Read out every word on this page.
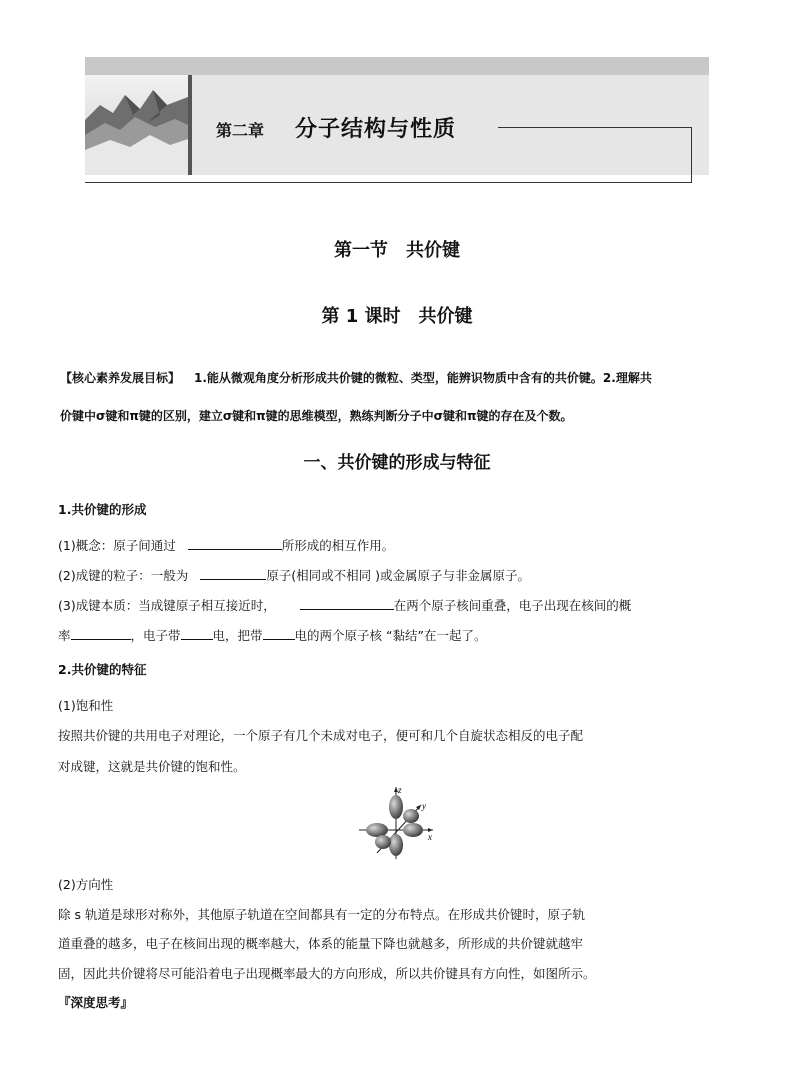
第二章 分子结构与性质
第一节　共价键
第 1 课时　共价键
【核心素养发展目标】 1.能从微观角度分析形成共价键的微粒、类型，能辨识物质中含有的共价键。2.理解共
价键中σ键和π键的区别，建立σ键和π键的思维模型，熟练判断分子中σ键和π键的存在及个数。
一、共价键的形成与特征
1.共价键的形成
(1)概念：原子间通过	所形成的相互作用。
(2)成键的粒子：一般为	原子(相同或不相同 )或金属原子与非金属原子。
(3)成键本质：当成键原子相互接近时，	在两个原子核间重叠，电子出现在核间的概
率	，电子带	电，把带	电的两个原子核 “黏结”在一起了。
2.共价键的特征
(1)饱和性
按照共价键的共用电子对理论，一个原子有几个未成对电子，便可和几个自旋状态相反的电子配
对成键，这就是共价键的饱和性。
z
y
x
(2)方向性
除 s 轨道是球形对称外，其他原子轨道在空间都具有一定的分布特点。在形成共价键时，原子轨
道重叠的越多，电子在核间出现的概率越大，体系的能量下降也就越多，所形成的共价键就越牢
固，因此共价键将尽可能沿着电子出现概率最大的方向形成，所以共价键具有方向性，如图所示。
『深度思考』
